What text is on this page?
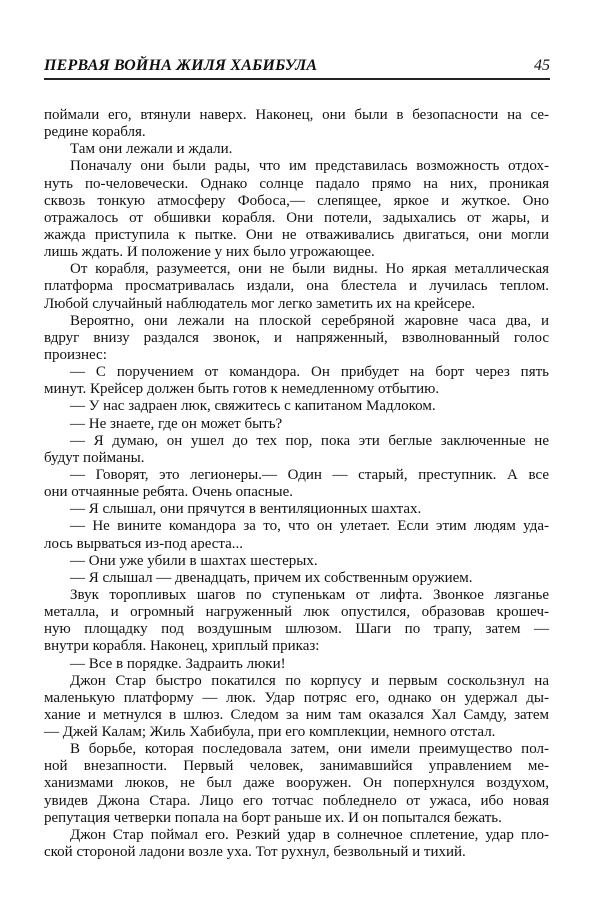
ПЕРВАЯ ВОЙНА ЖИЛЯ ХАБИБУЛА	45
поймали его, втянули наверх. Наконец, они были в безопасности на се-
редине корабля.
Там они лежали и ждали.
Поначалу они были рады, что им представилась возможность отдох-
нуть по-человечески. Однако солнце падало прямо на них, проникая
сквозь тонкую атмосферу Фобоса,— слепящее, яркое и жуткое. Оно
отражалось от обшивки корабля. Они потели, задыхались от жары, и
жажда приступила к пытке. Они не отваживались двигаться, они могли
лишь ждать. И положение у них было угрожающее.
От корабля, разумеется, они не были видны. Но яркая металлическая
платформа просматривалась издали, она блестела и лучилась теплом.
Любой случайный наблюдатель мог легко заметить их на крейсере.
Вероятно, они лежали на плоской серебряной жаровне часа два, и
вдруг внизу раздался звонок, и напряженный, взволнованный голос
произнес:
— С поручением от командора. Он прибудет на борт через пять
минут. Крейсер должен быть готов к немедленному отбытию.
— У нас задраен люк, свяжитесь с капитаном Мадлоком.
— Не знаете, где он может быть?
— Я думаю, он ушел до тех пор, пока эти беглые заключенные не
будут пойманы.
— Говорят, это легионеры.— Один — старый, преступник. А все
они отчаянные ребята. Очень опасные.
— Я слышал, они прячутся в вентиляционных шахтах.
— Не вините командора за то, что он улетает. Если этим людям уда-
лось вырваться из-под ареста...
— Они уже убили в шахтах шестерых.
— Я слышал — двенадцать, причем их собственным оружием.
Звук торопливых шагов по ступенькам от лифта. Звонкое лязганье
металла, и огромный нагруженный люк опустился, образовав крошеч-
ную площадку под воздушным шлюзом. Шаги по трапу, затем —
внутри корабля. Наконец, хриплый приказ:
— Все в порядке. Задраить люки!
Джон Стар быстро покатился по корпусу и первым соскользнул на
маленькую платформу — люк. Удар потряс его, однако он удержал ды-
хание и метнулся в шлюз. Следом за ним там оказался Хал Самду, затем
— Джей Калам; Жиль Хабибула, при его комплекции, немного отстал.
В борьбе, которая последовала затем, они имели преимущество пол-
ной внезапности. Первый человек, занимавшийся управлением ме-
ханизмами люков, не был даже вооружен. Он поперхнулся воздухом,
увидев Джона Стара. Лицо его тотчас побледнело от ужаса, ибо новая
репутация четверки попала на борт раньше их. И он попытался бежать.
Джон Стар поймал его. Резкий удар в солнечное сплетение, удар пло-
ской стороной ладони возле уха. Тот рухнул, безвольный и тихий.
